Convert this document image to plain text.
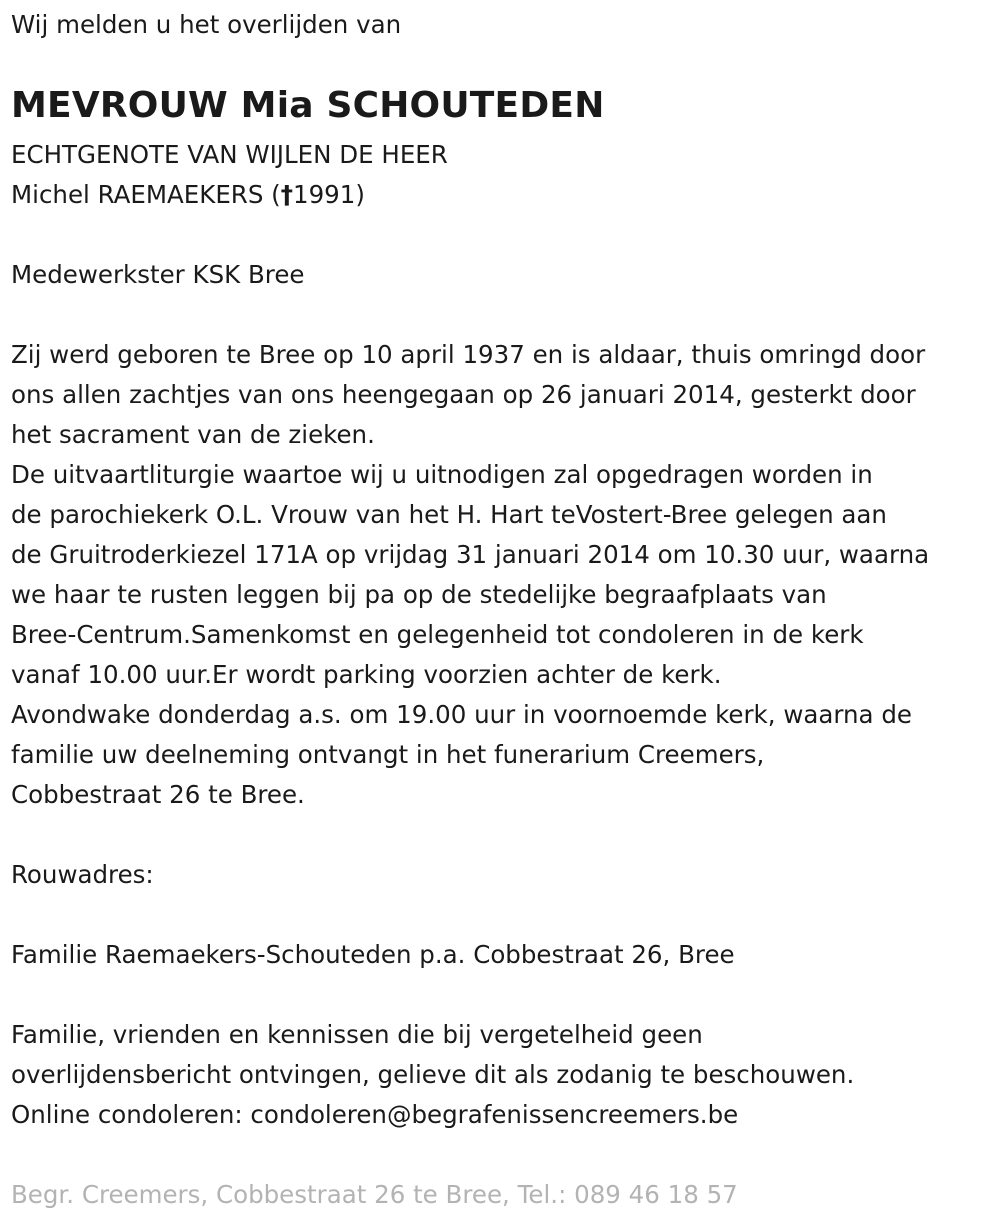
Wij melden u het overlijden van
MEVROUW Mia SCHOUTEDEN
ECHTGENOTE VAN WIJLEN DE HEER
Michel RAEMAEKERS (†1991)
Medewerkster KSK Bree
Zij werd geboren te Bree op 10 april 1937 en is aldaar, thuis omringd door
ons allen zachtjes van ons heengegaan op 26 januari 2014, gesterkt door
het sacrament van de zieken.
De uitvaartliturgie waartoe wij u uitnodigen zal opgedragen worden in
de parochiekerk O.L. Vrouw van het H. Hart teVostert-Bree gelegen aan
de Gruitroderkiezel 171A op vrijdag 31 januari 2014 om 10.30 uur, waarna
we haar te rusten leggen bij pa op de stedelijke begraafplaats van
Bree-Centrum.Samenkomst en gelegenheid tot condoleren in de kerk
vanaf 10.00 uur.Er wordt parking voorzien achter de kerk.
Avondwake donderdag a.s. om 19.00 uur in voornoemde kerk, waarna de
familie uw deelneming ontvangt in het funerarium Creemers,
Cobbestraat 26 te Bree.
Rouwadres:
Familie Raemaekers-Schouteden p.a. Cobbestraat 26, Bree
Familie, vrienden en kennissen die bij vergetelheid geen
overlijdensbericht ontvingen, gelieve dit als zodanig te beschouwen.
Online condoleren: condoleren@begrafenissencreemers.be
Begr. Creemers, Cobbestraat 26 te Bree, Tel.: 089 46 18 57
